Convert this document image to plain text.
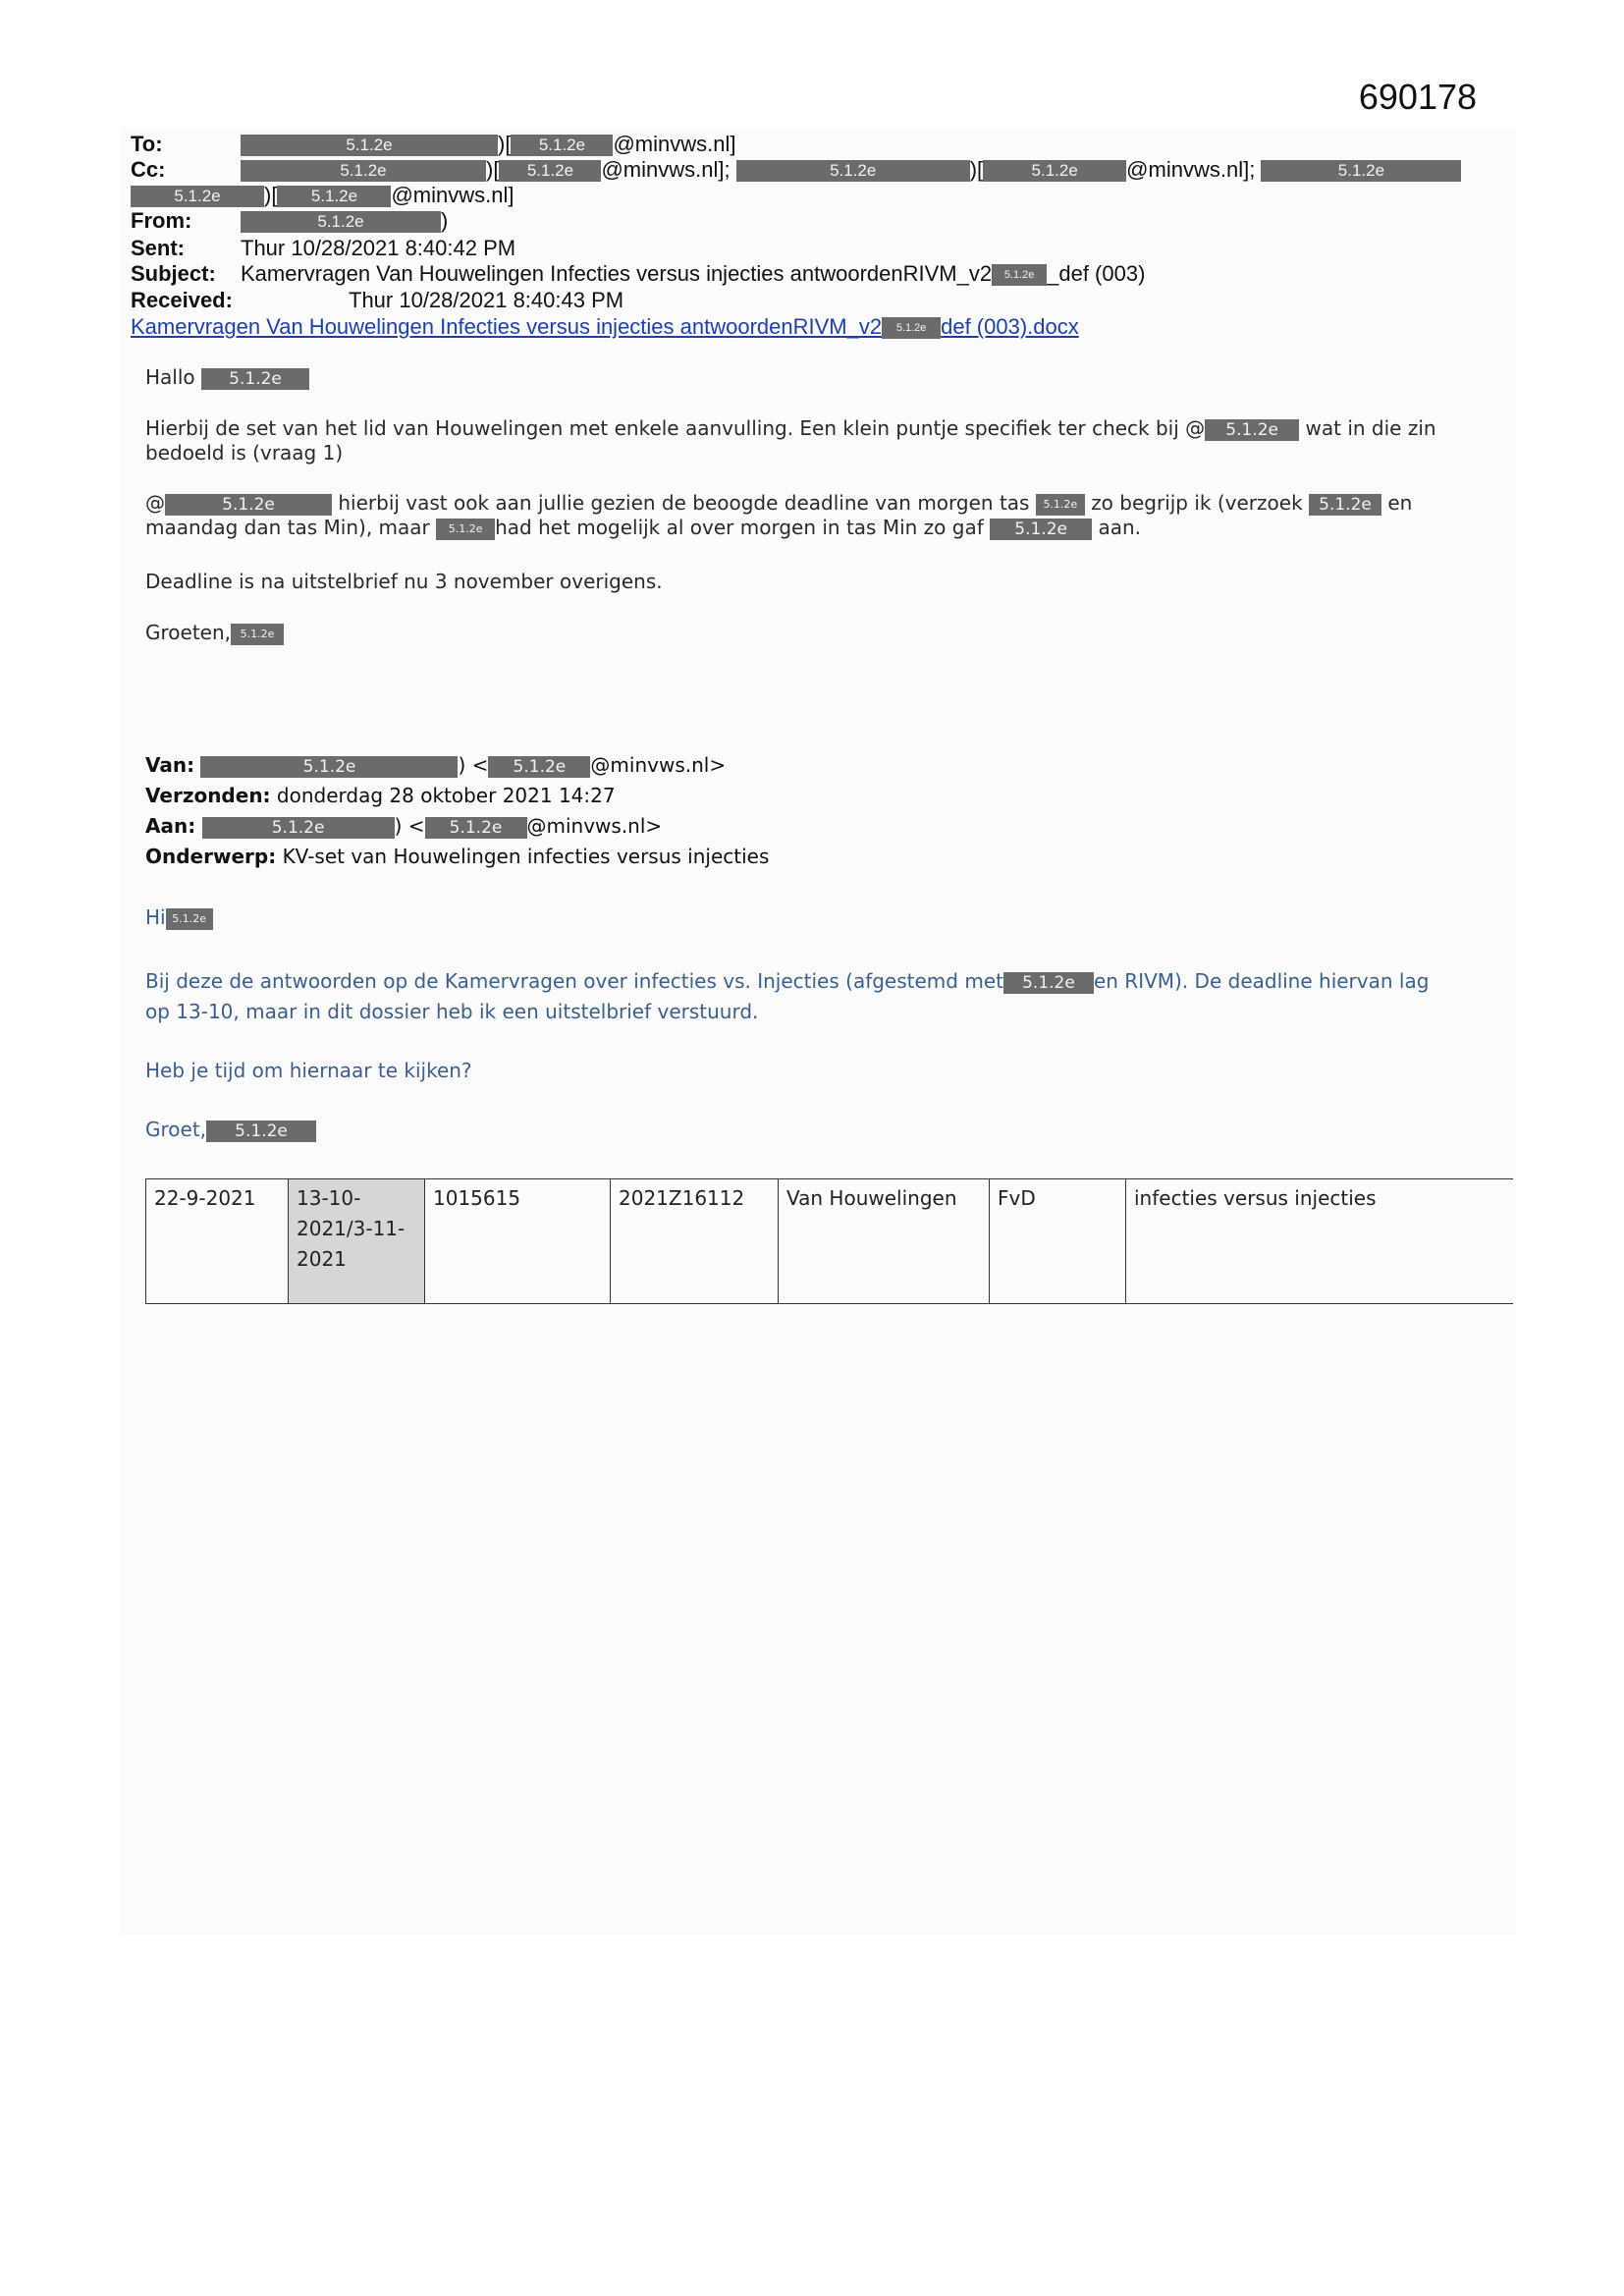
690178
To:	5.1.2e	)[ 5.1.2e @minvws.nl]
Cc:	5.1.2e	)[ 5.1.2e @minvws.nl];	5.1.2e	)[	5.1.2e @minvws.nl];	5.1.2e
5.1.2e )[ 5.1.2e @minvws.nl]
From:	5.1.2e	)
Sent:	Thur 10/28/2021 8:40:42 PM
Subject: Kamervragen Van Houwelingen Infecties versus injecties antwoordenRIVM_v2 5.1.2e _def (003)
Received:	Thur 10/28/2021 8:40:43 PM
Kamervragen Van Houwelingen Infecties versus injecties antwoordenRIVM_v2 5.1.2e def (003).docx
Hallo 5.1.2e
Hierbij de set van het lid van Houwelingen met enkele aanvulling. Een klein puntje specifiek ter check bij @ 5.1.2e wat in die zin
bedoeld is (vraag 1)
@	5.1.2e	hierbij vast ook aan jullie gezien de beoogde deadline van morgen tas 5.1.2e zo begrijp ik (verzoek 5.1.2e en
maandag dan tas Min), maar 5.1.2e had het mogelijk al over morgen in tas Min zo gaf 5.1.2e aan.
Deadline is na uitstelbrief nu 3 november overigens.
Groeten, 5.1.2e
Van:	5.1.2e	) < 5.1.2e @minvws.nl>
Verzonden: donderdag 28 oktober 2021 14:27
Aan:	5.1.2e	) < 5.1.2e @minvws.nl>
Onderwerp: KV-set van Houwelingen infecties versus injecties
Hi 5.1.2e
Bij deze de antwoorden op de Kamervragen over infecties vs. Injecties (afgestemd met 5.1.2e en RIVM). De deadline hiervan lag
op 13-10, maar in dit dossier heb ik een uitstelbrief verstuurd.
Heb je tijd om hiernaar te kijken?
Groet, 5.1.2e
22-9-2021	13-10-2021/3-11-2021	1015615	2021Z16112	Van Houwelingen	FvD	infecties versus injecties
